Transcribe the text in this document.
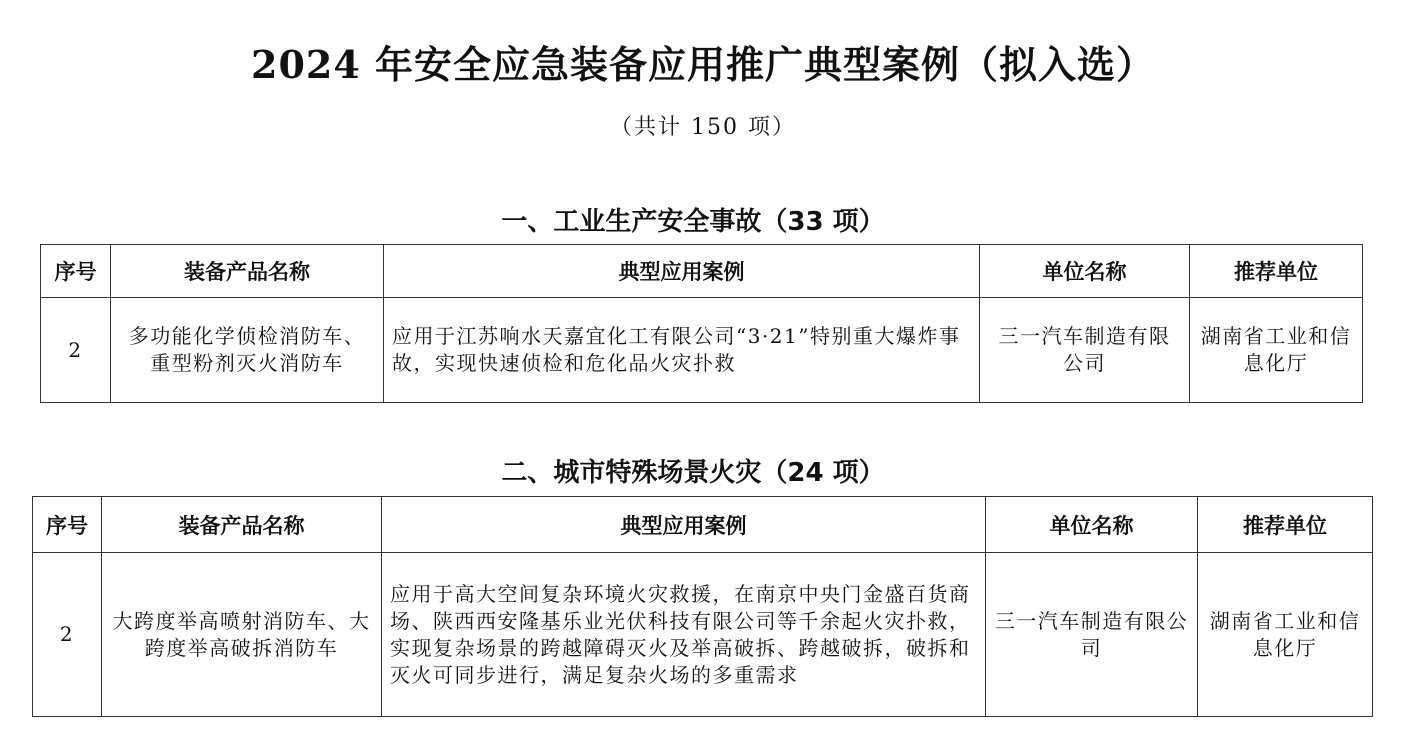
2024 年安全应急装备应用推广典型案例（拟入选）
（共计 150 项）
一、工业生产安全事故（33 项）
序号	装备产品名称	典型应用案例	单位名称	推荐单位
2	多功能化学侦检消防车、重型粉剂灭火消防车	应用于江苏响水天嘉宜化工有限公司“3·21”特别重大爆炸事故，实现快速侦检和危化品火灾扑救	三一汽车制造有限公司	湖南省工业和信息化厅
二、城市特殊场景火灾（24 项）
序号	装备产品名称	典型应用案例	单位名称	推荐单位
2	大跨度举高喷射消防车、大跨度举高破拆消防车	应用于高大空间复杂环境火灾救援，在南京中央门金盛百货商场、陕西西安隆基乐业光伏科技有限公司等千余起火灾扑救，实现复杂场景的跨越障碍灭火及举高破拆、跨越破拆，破拆和灭火可同步进行，满足复杂火场的多重需求	三一汽车制造有限公司	湖南省工业和信息化厅
